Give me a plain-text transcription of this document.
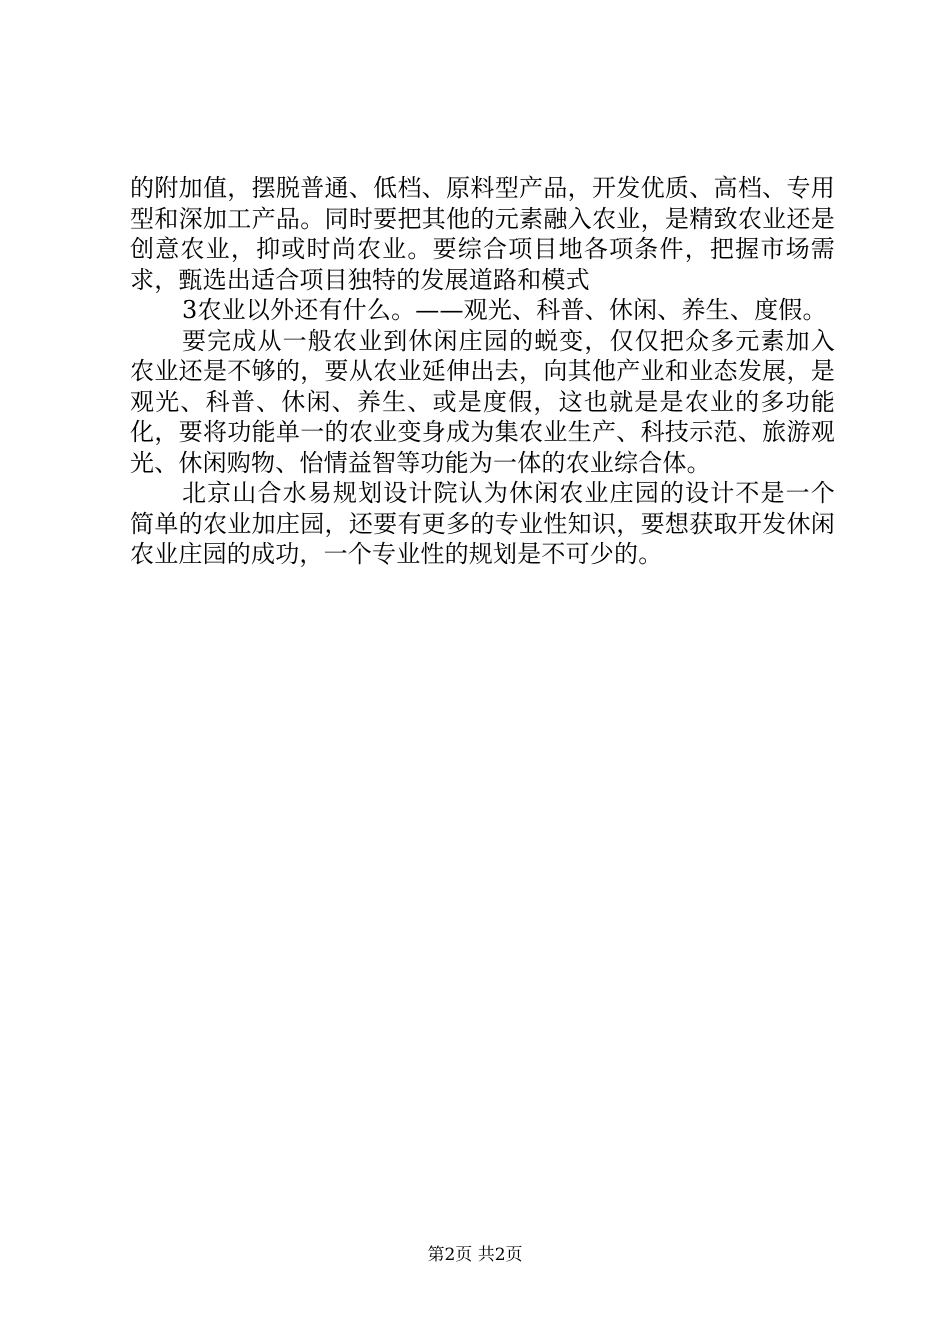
的附加值，摆脱普通、低档、原料型产品，开发优质、高档、专用型和深加工产品。同时要把其他的元素融入农业，是精致农业还是创意农业，抑或时尚农业。要综合项目地各项条件，把握市场需求，甄选出适合项目独特的发展道路和模式

3农业以外还有什么。——观光、科普、休闲、养生、度假。

要完成从一般农业到休闲庄园的蜕变，仅仅把众多元素加入农业还是不够的，要从农业延伸出去，向其他产业和业态发展，是观光、科普、休闲、养生、或是度假，这也就是是农业的多功能化，要将功能单一的农业变身成为集农业生产、科技示范、旅游观光、休闲购物、怡情益智等功能为一体的农业综合体。

北京山合水易规划设计院认为休闲农业庄园的设计不是一个简单的农业加庄园，还要有更多的专业性知识，要想获取开发休闲农业庄园的成功，一个专业性的规划是不可少的。

第2页 共2页
